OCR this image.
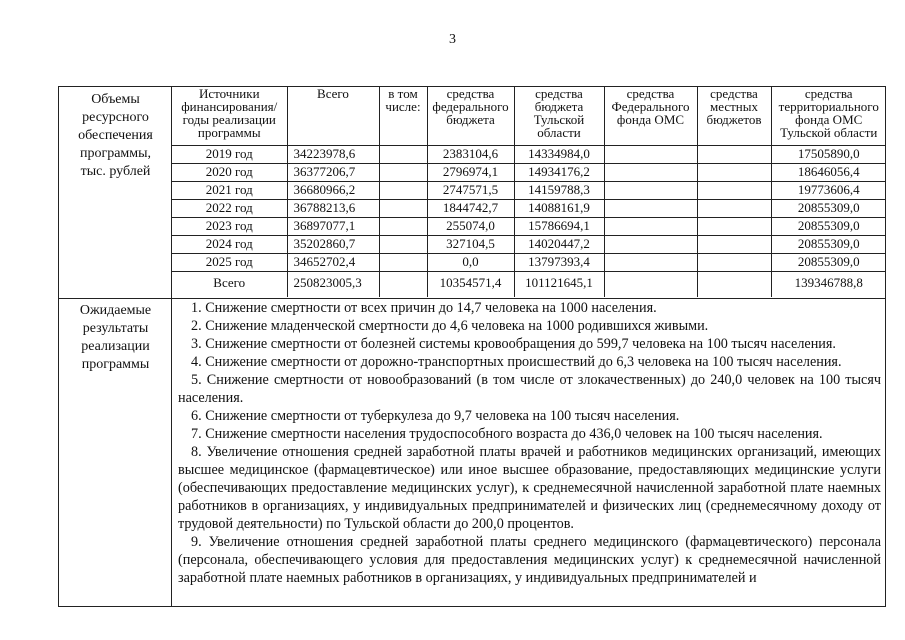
3
Объемы
ресурсного
обеспечения
программы,
тыс. рублей
Источники финансирования/ годы реализации программы	Всего	в том числе:	средства федерального бюджета	средства бюджета Тульской области	средства Федерального фонда ОМС	средства местных бюджетов	средства территориального фонда ОМС Тульской области
2019 год	34223978,6		2383104,6	14334984,0			17505890,0
2020 год	36377206,7		2796974,1	14934176,2			18646056,4
2021 год	36680966,2		2747571,5	14159788,3			19773606,4
2022 год	36788213,6		1844742,7	14088161,9			20855309,0
2023 год	36897077,1		255074,0	15786694,1			20855309,0
2024 год	35202860,7		327104,5	14020447,2			20855309,0
2025 год	34652702,4		0,0	13797393,4			20855309,0
Всего	250823005,3		10354571,4	101121645,1			139346788,8
Ожидаемые
результаты
реализации
программы

1. Снижение смертности от всех причин до 14,7 человека на 1000 населения.

2. Снижение младенческой смертности до 4,6 человека на 1000 родившихся живыми.

3. Снижение смертности от болезней системы кровообращения до 599,7 человека на 100 тысяч населения.

4. Снижение смертности от дорожно-транспортных происшествий до 6,3 человека на 100 тысяч населения.

5. Снижение смертности от новообразований (в том числе от злокачественных) до 240,0 человек на 100 тысяч населения.

6. Снижение смертности от туберкулеза до 9,7 человека на 100 тысяч населения.

7. Снижение смертности населения трудоспособного возраста до 436,0 человек на 100 тысяч населения.

8. Увеличение отношения средней заработной платы врачей и работников медицинских организаций, имеющих высшее медицинское (фармацевтическое) или иное высшее образование, предоставляющих медицинские услуги (обеспечивающих предоставление медицинских услуг), к среднемесячной начисленной заработной плате наемных работников в организациях, у индивидуальных предпринимателей и физических лиц (среднемесячному доходу от трудовой деятельности) по Тульской области до 200,0 процентов.

9. Увеличение отношения средней заработной платы среднего медицинского (фармацевтического) персонала (персонала, обеспечивающего условия для предоставления медицинских услуг) к среднемесячной начисленной заработной плате наемных работников в организациях, у индивидуальных предпринимателей и
